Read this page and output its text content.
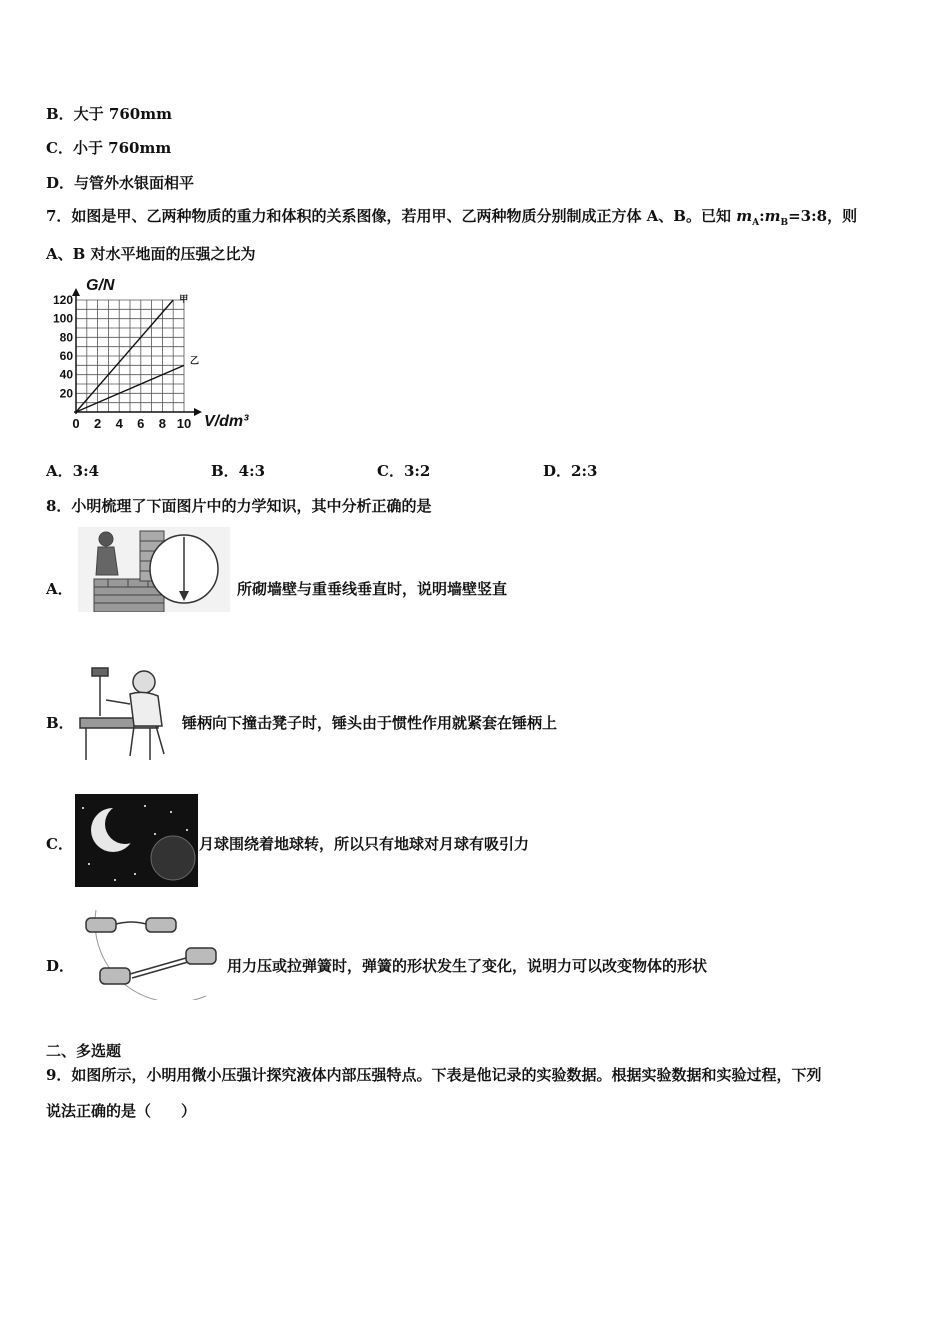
B．大于 760mm
C．小于 760mm
D．与管外水银面相平
7．如图是甲、乙两种物质的重力和体积的关系图像，若用甲、乙两种物质分别制成正方体 A、B。已知 $m_A:m_B=3:8$，则
A、B 对水平地面的压强之比为
G/N
V/dm³
0 2 4 6 8 10
20
40
60
80
100
120	甲
乙
A．3:4	B．4:3	C．3:2	D．2:3
8．小明梳理了下面图片中的力学知识，其中分析正确的是
A．	所砌墙壁与重垂线垂直时，说明墙壁竖直
B．	锤柄向下撞击凳子时，锤头由于惯性作用就紧套在锤柄上
C．	月球围绕着地球转，所以只有地球对月球有吸引力
D．	用力压或拉弹簧时，弹簧的形状发生了变化，说明力可以改变物体的形状
二、多选题
9．如图所示，小明用微小压强计探究液体内部压强特点。下表是他记录的实验数据。根据实验数据和实验过程，下列
说法正确的是（　　）
